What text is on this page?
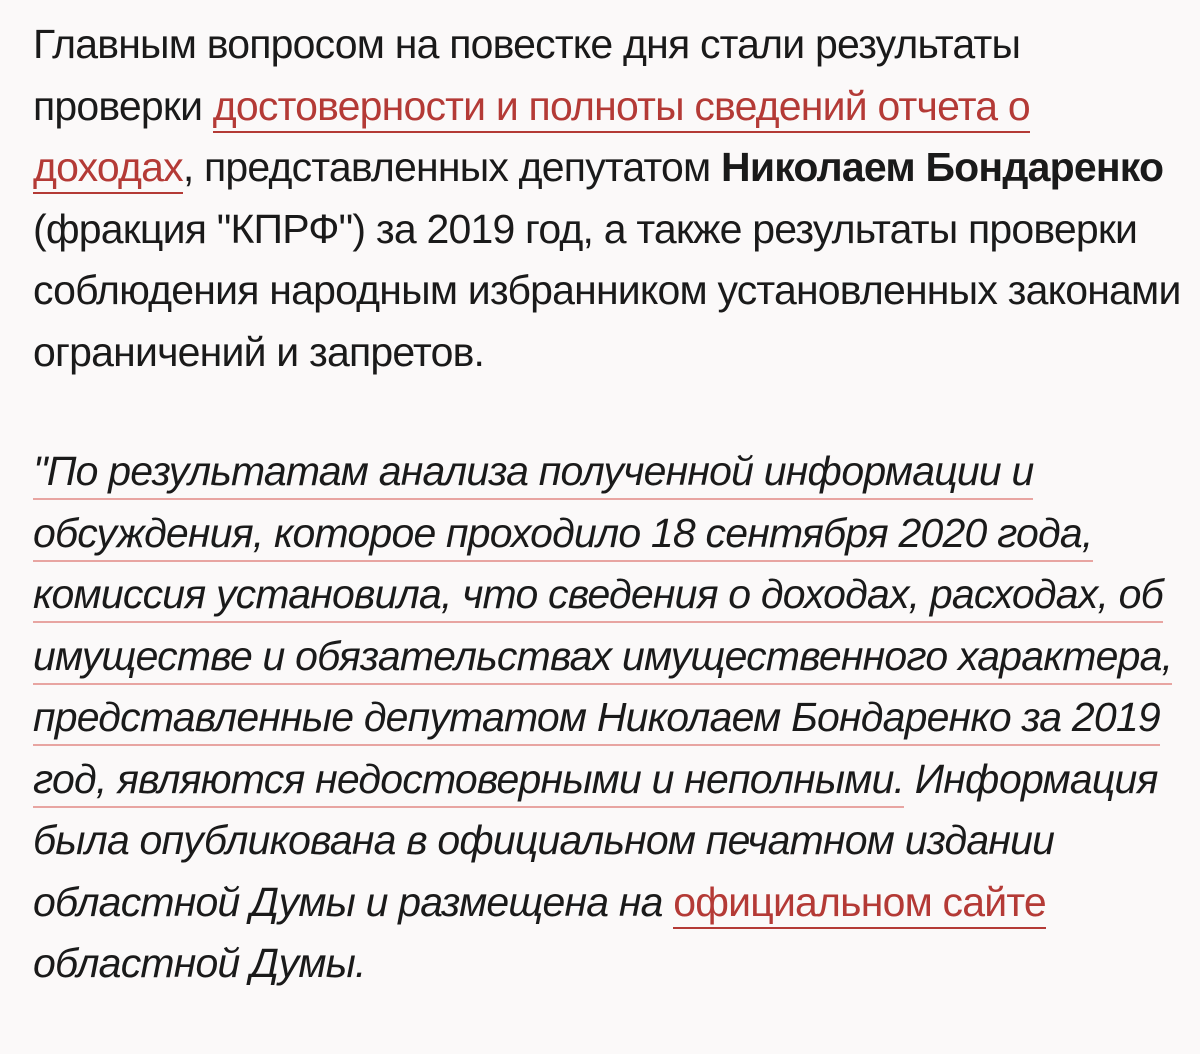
Главным вопросом на повестке дня стали результаты проверки достоверности и полноты сведений отчета о доходах, представленных депутатом Николаем Бондаренко (фракция "КПРФ") за 2019 год, а также результаты проверки соблюдения народным избранником установленных законами ограничений и запретов.

"По результатам анализа полученной информации и обсуждения, которое проходило 18 сентября 2020 года, комиссия установила, что сведения о доходах, расходах, об имуществе и обязательствах имущественного характера, представленные депутатом Николаем Бондаренко за 2019 год, являются недостоверными и неполными. Информация была опубликована в официальном печатном издании областной Думы и размещена на официальном сайте областной Думы.
